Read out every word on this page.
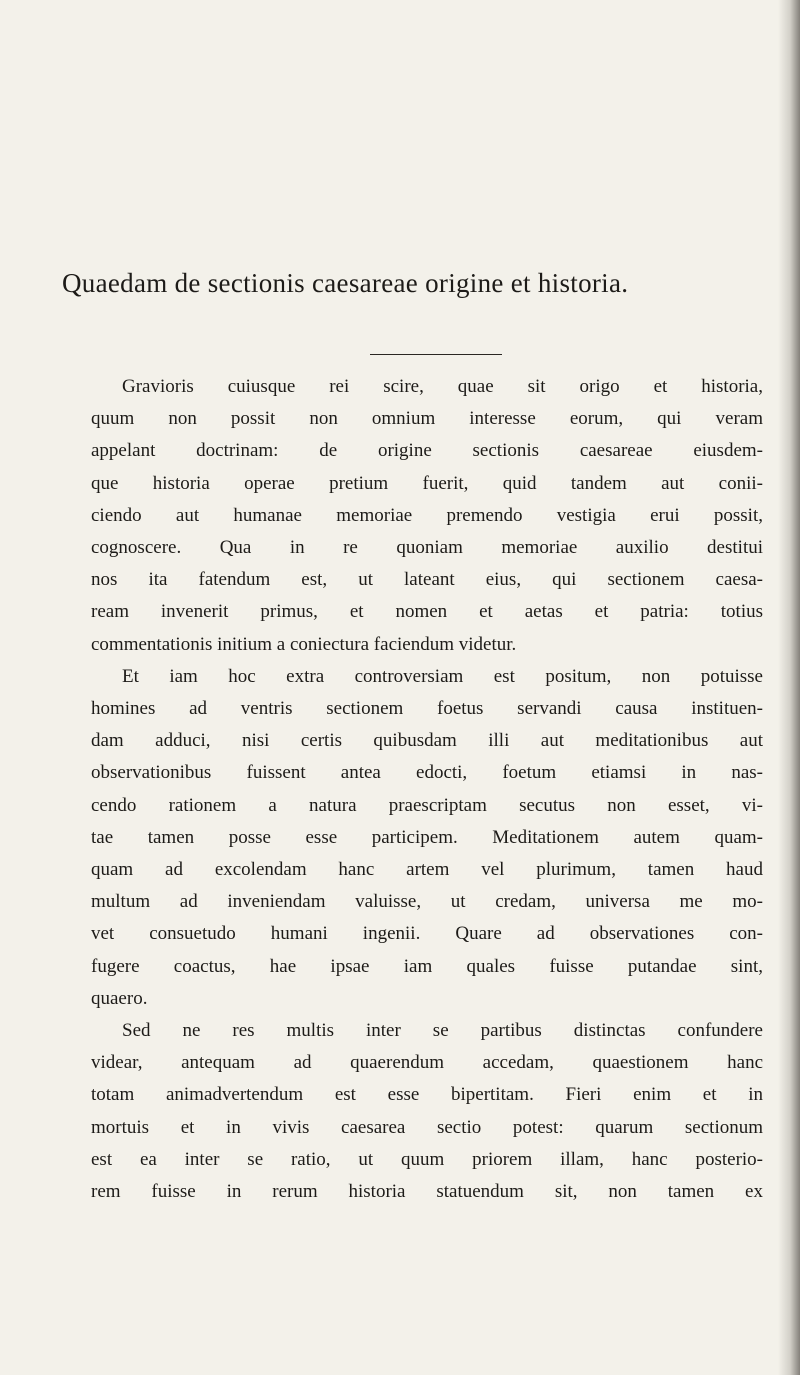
Quaedam de sectionis caesareae origine et historia.
Gravioris cuiusque rei scire, quae sit origo et historia,
quum non possit non omnium interesse eorum, qui veram
appelant doctrinam: de origine sectionis caesareae eiusdem-
que historia operae pretium fuerit, quid tandem aut conii-
ciendo aut humanae memoriae premendo vestigia erui possit,
cognoscere. Qua in re quoniam memoriae auxilio destitui
nos ita fatendum est, ut lateant eius, qui sectionem caesa-
ream invenerit primus, et nomen et aetas et patria: totius
commentationis initium a coniectura faciendum videtur.
Et iam hoc extra controversiam est positum, non potuisse
homines ad ventris sectionem foetus servandi causa instituen-
dam adduci, nisi certis quibusdam illi aut meditationibus aut
observationibus fuissent antea edocti, foetum etiamsi in nas-
cendo rationem a natura praescriptam secutus non esset, vi-
tae tamen posse esse participem. Meditationem autem quam-
quam ad excolendam hanc artem vel plurimum, tamen haud
multum ad inveniendam valuisse, ut credam, universa me mo-
vet consuetudo humani ingenii. Quare ad observationes con-
fugere coactus, hae ipsae iam quales fuisse putandae sint,
quaero.
Sed ne res multis inter se partibus distinctas confundere
videar, antequam ad quaerendum accedam, quaestionem hanc
totam animadvertendum est esse bipertitam. Fieri enim et in
mortuis et in vivis caesarea sectio potest: quarum sectionum
est ea inter se ratio, ut quum priorem illam, hanc posterio-
rem fuisse in rerum historia statuendum sit, non tamen ex
